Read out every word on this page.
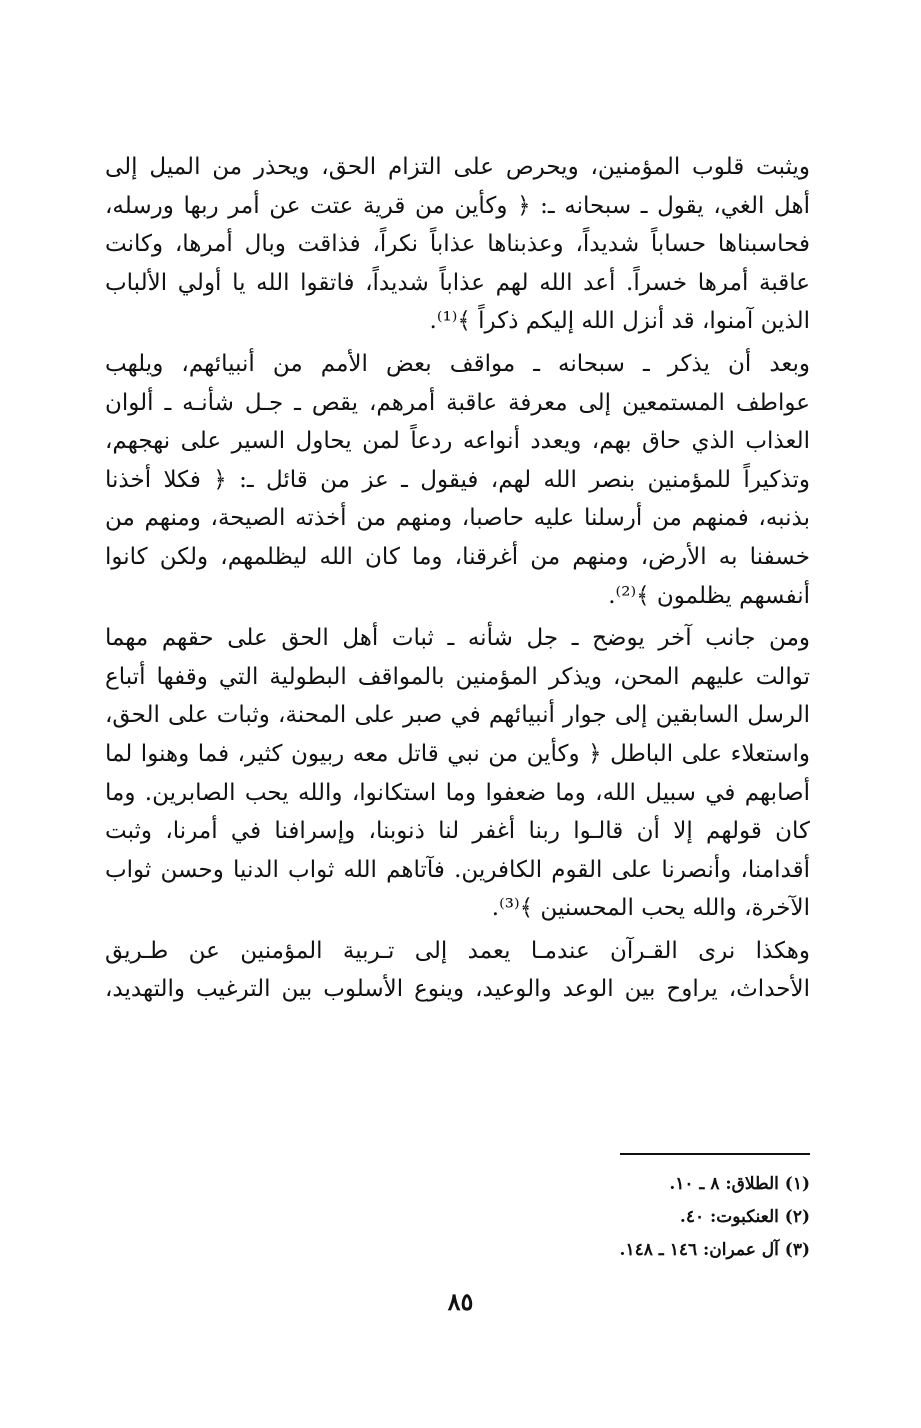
ويثبت قلوب المؤمنين، ويحرص على التزام الحق، ويحذر من الميل إلى
أهل الغي، يقول ـ سبحانه ـ: ﴿ وكأين من قرية عتت عن أمر ربها ورسله،
فحاسبناها حساباً شديداً، وعذبناها عذاباً نكراً، فذاقت وبال أمرها، وكانت
عاقبة أمرها خسراً. أعد الله لهم عذاباً شديداً، فاتقوا الله يا أولي الألباب
الذين آمنوا، قد أنزل الله إليكم ذكراً ﴾⁽¹⁾.

وبعد أن يذكر ـ سبحانه ـ مواقف بعض الأمم من أنبيائهم، ويلهب
عواطف المستمعين إلى معرفة عاقبة أمرهم، يقص ـ جـل شأنـه ـ ألوان
العذاب الذي حاق بهم، ويعدد أنواعه ردعاً لمن يحاول السير على نهجهم،
وتذكيراً للمؤمنين بنصر الله لهم، فيقول ـ عز من قائل ـ: ﴿ فكلا أخذنا
بذنبه، فمنهم من أرسلنا عليه حاصبا، ومنهم من أخذته الصيحة، ومنهم من
خسفنا به الأرض، ومنهم من أغرقنا، وما كان الله ليظلمهم، ولكن كانوا
أنفسهم يظلمون ﴾⁽²⁾.

ومن جانب آخر يوضح ـ جل شأنه ـ ثبات أهل الحق على حقهم مهما
توالت عليهم المحن، ويذكر المؤمنين بالمواقف البطولية التي وقفها أتباع
الرسل السابقين إلى جوار أنبيائهم في صبر على المحنة، وثبات على الحق،
واستعلاء على الباطل ﴿ وكأين من نبي قاتل معه ربيون كثير، فما وهنوا لما
أصابهم في سبيل الله، وما ضعفوا وما استكانوا، والله يحب الصابرين. وما
كان قولهم إلا أن قالـوا ربنا أغفر لنا ذنوبنا، وإسرافنا في أمرنا، وثبت
أقدامنا، وأنصرنا على القوم الكافرين. فآتاهم الله ثواب الدنيا وحسن ثواب
الآخرة، والله يحب المحسنين ﴾⁽³⁾.

وهكذا نرى القـرآن عندمـا يعمد إلى تـربية المؤمنين عن طـريق
الأحداث، يراوح بين الوعد والوعيد، وينوع الأسلوب بين الترغيب والتهديد،

(١) الطلاق: ٨ ـ ١٠.
(٢) العنكبوت: ٤٠.
(٣) آل عمران: ١٤٦ ـ ١٤٨.
٨٥
